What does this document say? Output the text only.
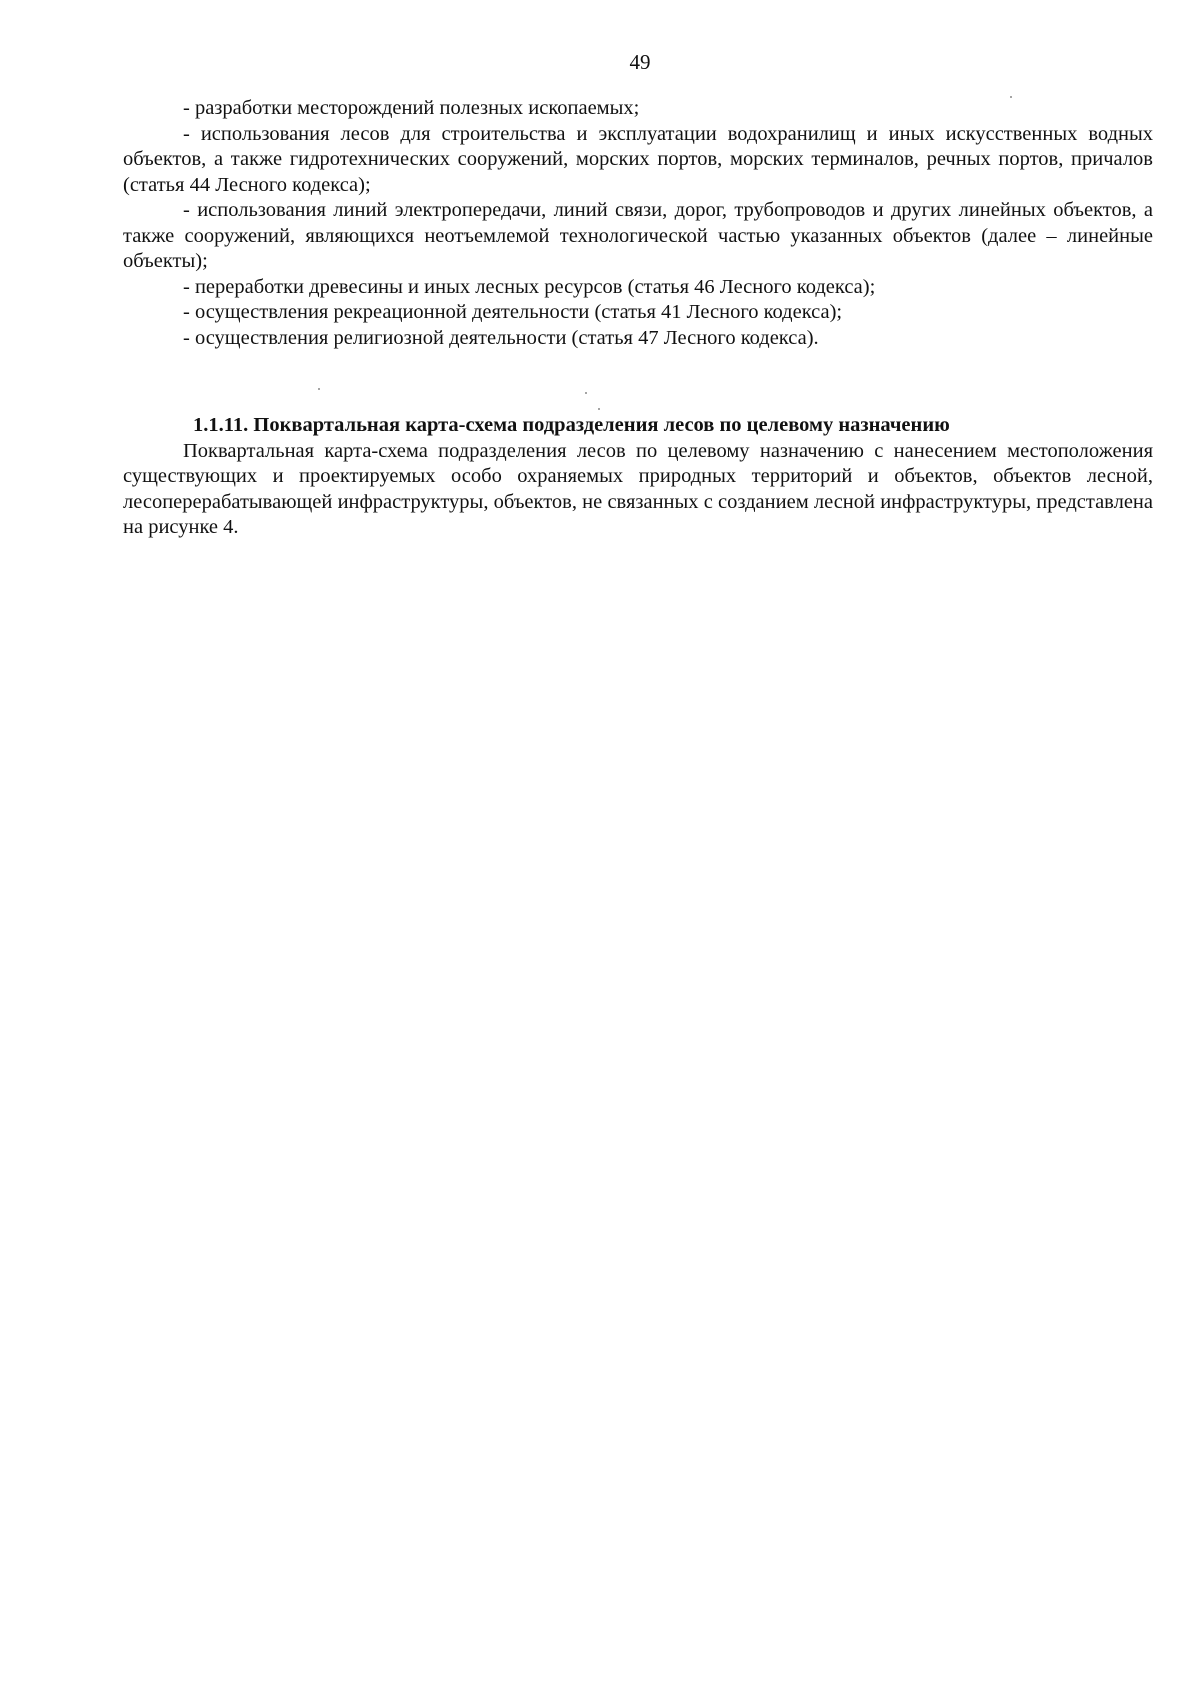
49

- разработки месторождений полезных ископаемых;

- использования лесов для строительства и эксплуатации водохранилищ и иных искусственных водных объектов, а также гидротехнических сооружений, морских портов, морских терминалов, речных портов, причалов (статья 44 Лесного кодекса);

- использования линий электропередачи, линий связи, дорог, трубопроводов и других линейных объектов, а также сооружений, являющихся неотъемлемой технологической частью указанных объектов (далее – линейные объекты);

- переработки древесины и иных лесных ресурсов (статья 46 Лесного кодекса);

- осуществления рекреационной деятельности (статья 41 Лесного кодекса);

- осуществления религиозной деятельности (статья 47 Лесного кодекса).

1.1.11. Поквартальная карта-схема подразделения лесов по целевому назначению

Поквартальная карта-схема подразделения лесов по целевому назначению с нанесением местоположения существующих и проектируемых особо охраняемых природных территорий и объектов, объектов лесной, лесоперерабатывающей инфраструктуры, объектов, не связанных с созданием лесной инфраструктуры, представлена на рисунке 4.
